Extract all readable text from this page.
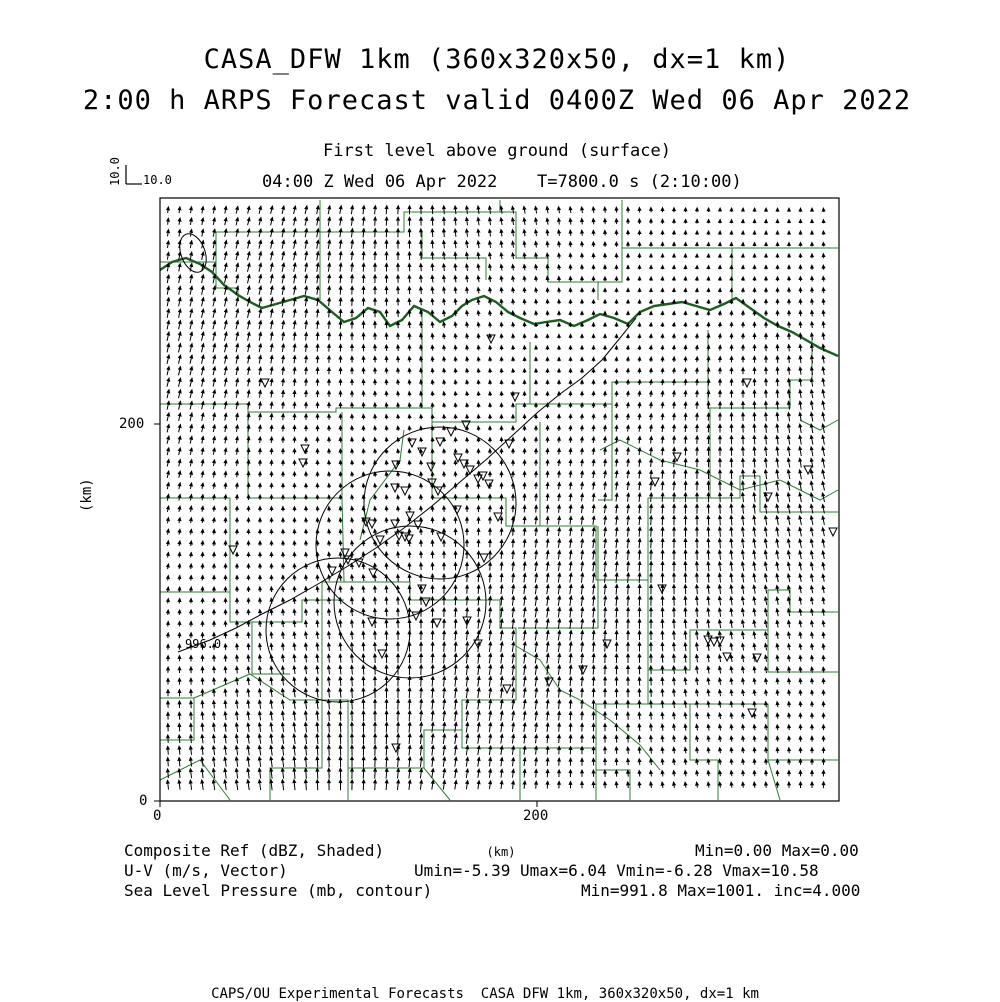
CASA_DFW 1km (360x320x50, dx=1 km)
2:00 h ARPS Forecast valid 0400Z Wed 06 Apr 2022
First level above ground (surface)
04:00 Z Wed 06 Apr 2022 T=7800.0 s (2:10:00)
10.0 10.0
(km)
(km)
0	200
0
200
996.0
Composite Ref (dBZ, Shaded)	Min=0.00 Max=0.00
U-V (m/s, Vector)	Umin=-5.39 Umax=6.04 Vmin=-6.28 Vmax=10.58
Sea Level Pressure (mb, contour)	Min=991.8 Max=1001. inc=4.000
CAPS/OU Experimental Forecasts  CASA DFW 1km, 360x320x50, dx=1 km
